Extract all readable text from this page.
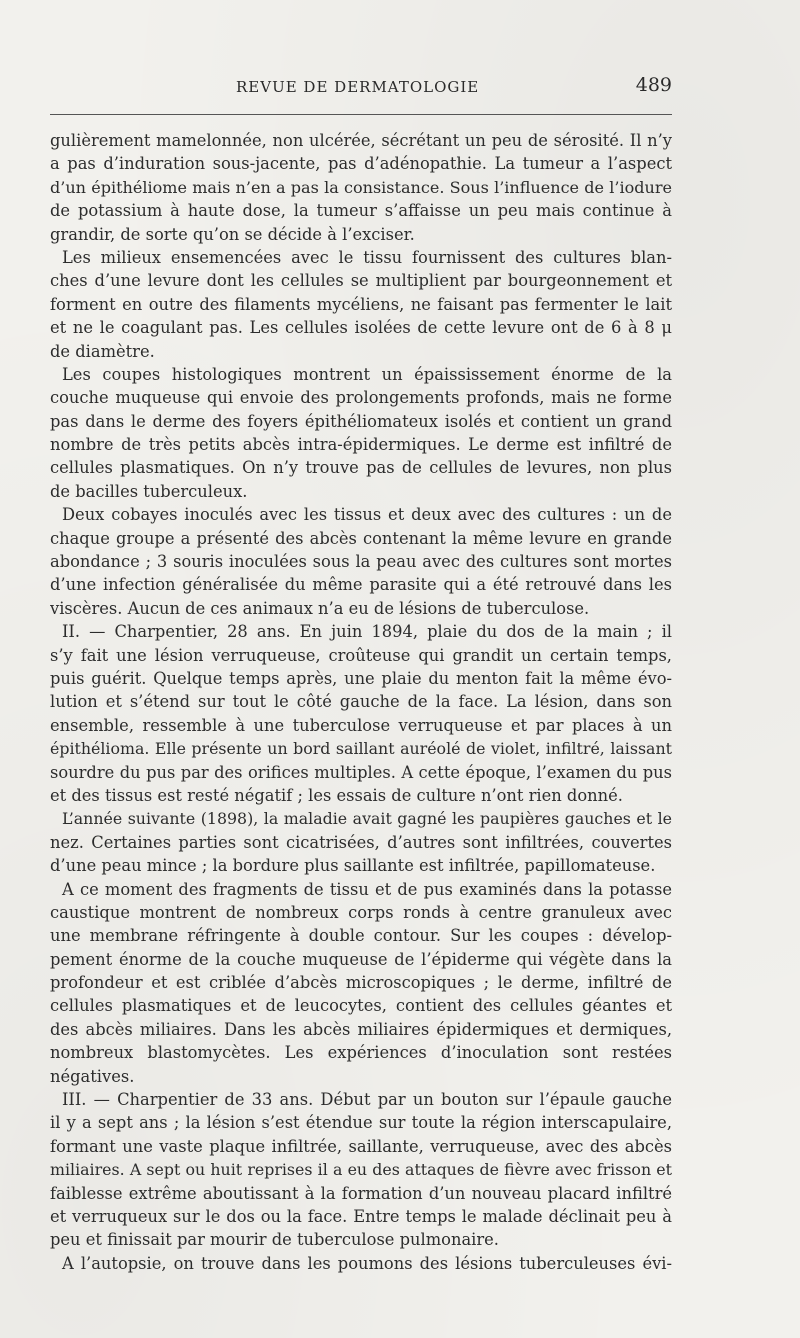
REVUE DE DERMATOLOGIE	489
gulièrement mamelonnée, non ulcérée, sécrétant un peu de sérosité. Il n’y
a pas d’induration sous-jacente, pas d’adénopathie. La tumeur a l’aspect
d’un épithéliome mais n’en a pas la consistance. Sous l’influence de l’iodure
de potassium à haute dose, la tumeur s’affaisse un peu mais continue à
grandir, de sorte qu’on se décide à l’exciser.
Les milieux ensemencées avec le tissu fournissent des cultures blan-
ches d’une levure dont les cellules se multiplient par bourgeonnement et
forment en outre des filaments mycéliens, ne faisant pas fermenter le lait
et ne le coagulant pas. Les cellules isolées de cette levure ont de 6 à 8 μ
de diamètre.
Les coupes histologiques montrent un épaississement énorme de la
couche muqueuse qui envoie des prolongements profonds, mais ne forme
pas dans le derme des foyers épithéliomateux isolés et contient un grand
nombre de très petits abcès intra-épidermiques. Le derme est infiltré de
cellules plasmatiques. On n’y trouve pas de cellules de levures, non plus
de bacilles tuberculeux.
Deux cobayes inoculés avec les tissus et deux avec des cultures : un de
chaque groupe a présenté des abcès contenant la même levure en grande
abondance ; 3 souris inoculées sous la peau avec des cultures sont mortes
d’une infection généralisée du même parasite qui a été retrouvé dans les
viscères. Aucun de ces animaux n’a eu de lésions de tuberculose.
II. — Charpentier, 28 ans. En juin 1894, plaie du dos de la main ; il
s’y fait une lésion verruqueuse, croûteuse qui grandit un certain temps,
puis guérit. Quelque temps après, une plaie du menton fait la même évo-
lution et s’étend sur tout le côté gauche de la face. La lésion, dans son
ensemble, ressemble à une tuberculose verruqueuse et par places à un
épithélioma. Elle présente un bord saillant auréolé de violet, infiltré, laissant
sourdre du pus par des orifices multiples. A cette époque, l’examen du pus
et des tissus est resté négatif ; les essais de culture n’ont rien donné.
L’année suivante (1898), la maladie avait gagné les paupières gauches et le
nez. Certaines parties sont cicatrisées, d’autres sont infiltrées, couvertes
d’une peau mince ; la bordure plus saillante est infiltrée, papillomateuse.
A ce moment des fragments de tissu et de pus examinés dans la potasse
caustique montrent de nombreux corps ronds à centre granuleux avec
une membrane réfringente à double contour. Sur les coupes : dévelop-
pement énorme de la couche muqueuse de l’épiderme qui végète dans la
profondeur et est criblée d’abcès microscopiques ; le derme, infiltré de
cellules plasmatiques et de leucocytes, contient des cellules géantes et
des abcès miliaires. Dans les abcès miliaires épidermiques et dermiques,
nombreux blastomycètes. Les expériences d’inoculation sont restées
négatives.
III. — Charpentier de 33 ans. Début par un bouton sur l’épaule gauche
il y a sept ans ; la lésion s’est étendue sur toute la région interscapulaire,
formant une vaste plaque infiltrée, saillante, verruqueuse, avec des abcès
miliaires. A sept ou huit reprises il a eu des attaques de fièvre avec frisson et
faiblesse extrême aboutissant à la formation d’un nouveau placard infiltré
et verruqueux sur le dos ou la face. Entre temps le malade déclinait peu à
peu et finissait par mourir de tuberculose pulmonaire.
A l’autopsie, on trouve dans les poumons des lésions tuberculeuses évi-
